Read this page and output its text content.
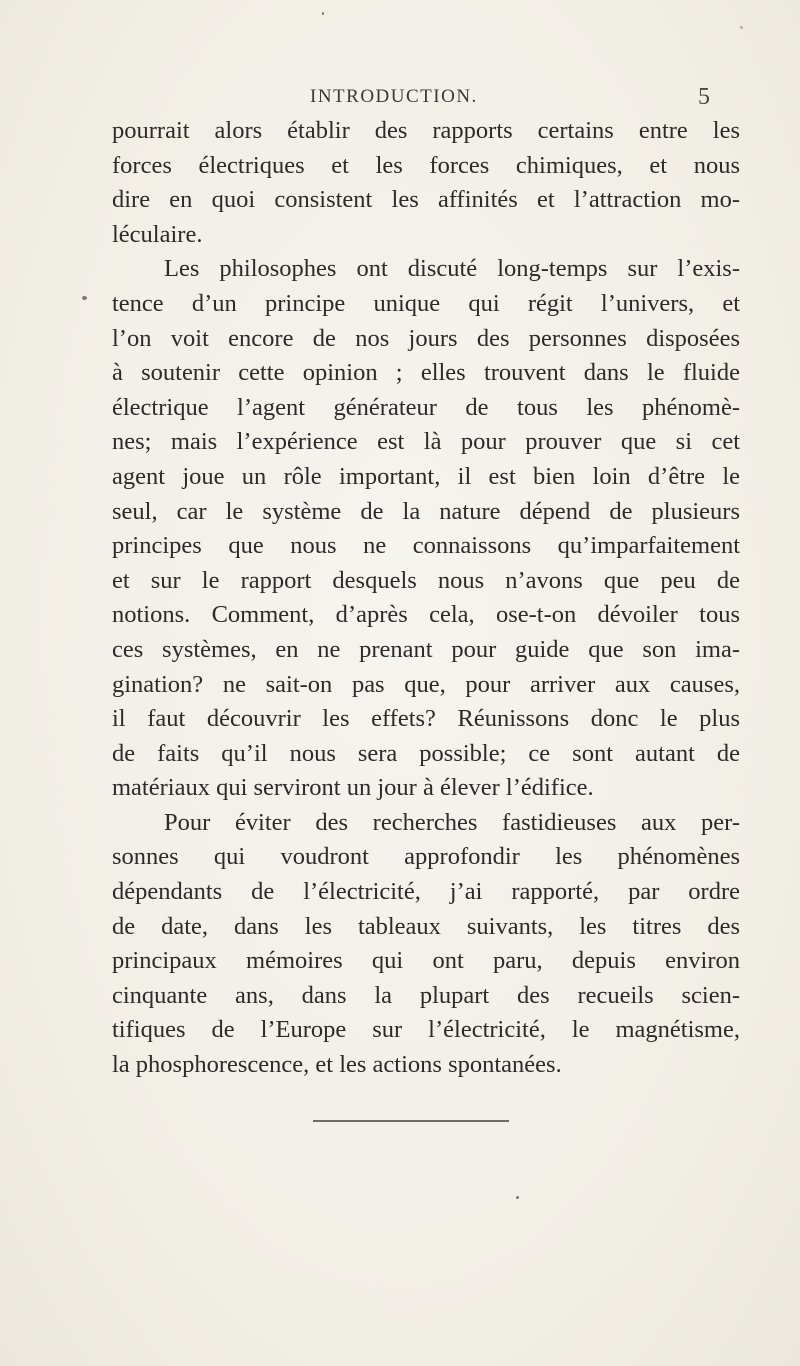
INTRODUCTION.	5
pourrait alors établir des rapports certains entre les
forces électriques et les forces chimiques, et nous
dire en quoi consistent les affinités et l’attraction mo-
léculaire.
Les philosophes ont discuté long-temps sur l’exis-
tence d’un principe unique qui régit l’univers, et
l’on voit encore de nos jours des personnes disposées
à soutenir cette opinion ; elles trouvent dans le fluide
électrique l’agent générateur de tous les phénomè-
nes; mais l’expérience est là pour prouver que si cet
agent joue un rôle important, il est bien loin d’être le
seul, car le système de la nature dépend de plusieurs
principes que nous ne connaissons qu’imparfaitement
et sur le rapport desquels nous n’avons que peu de
notions. Comment, d’après cela, ose-t-on dévoiler tous
ces systèmes, en ne prenant pour guide que son ima-
gination? ne sait-on pas que, pour arriver aux causes,
il faut découvrir les effets? Réunissons donc le plus
de faits qu’il nous sera possible; ce sont autant de
matériaux qui serviront un jour à élever l’édifice.
Pour éviter des recherches fastidieuses aux per-
sonnes qui voudront approfondir les phénomènes
dépendants de l’électricité, j’ai rapporté, par ordre
de date, dans les tableaux suivants, les titres des
principaux mémoires qui ont paru, depuis environ
cinquante ans, dans la plupart des recueils scien-
tifiques de l’Europe sur l’électricité, le magnétisme,
la phosphorescence, et les actions spontanées.
